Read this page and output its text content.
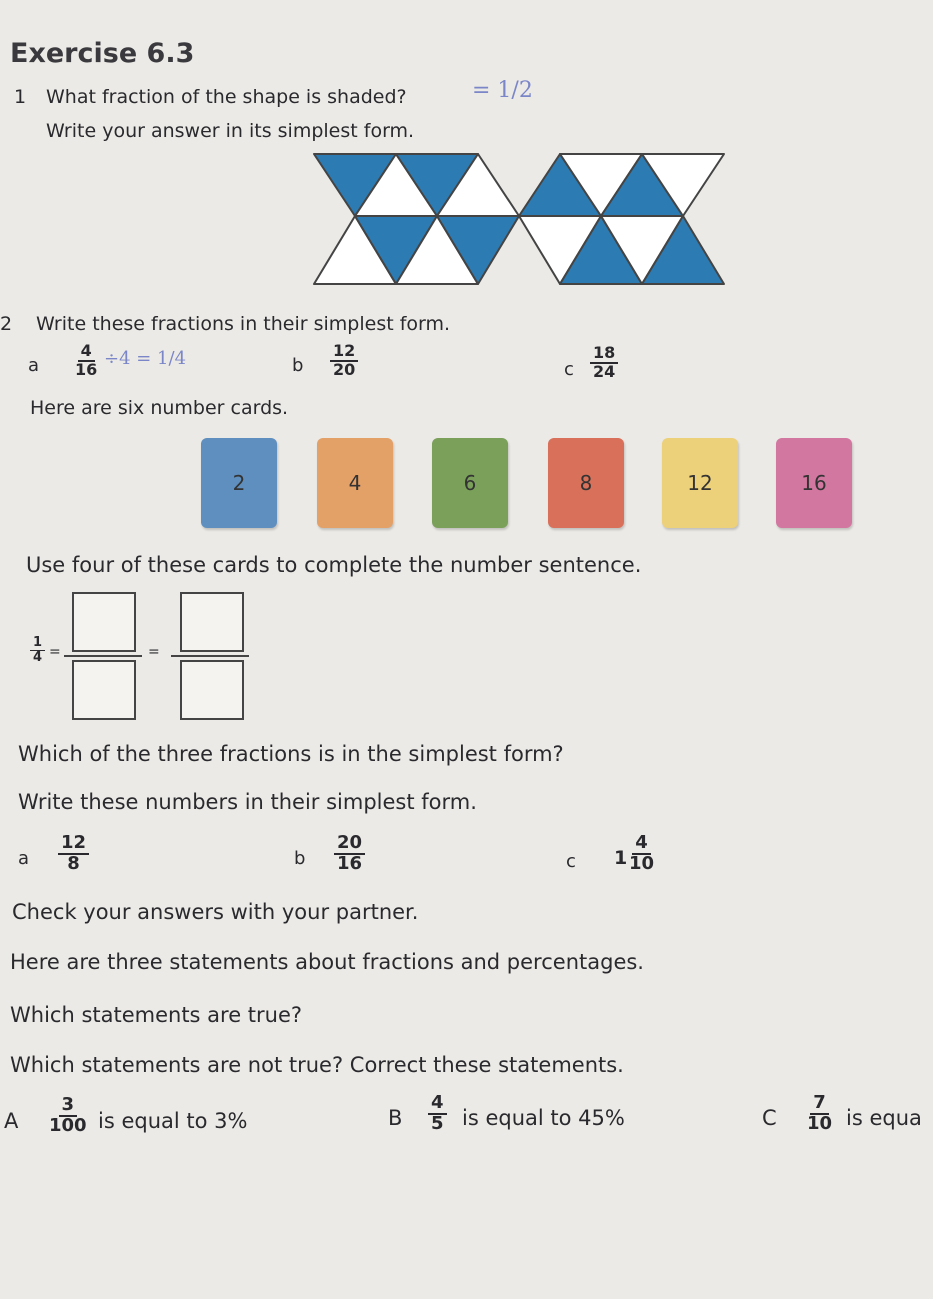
Exercise 6.3
1 What fraction of the shape is shaded?	= 1/2
Write your answer in its simplest form.
2 Write these fractions in their simplest form.
a $\frac{4}{16} \div 4 = 1/4$	b $\frac{12}{20}$	c $\frac{18}{24}$
Here are six number cards.
2	4	6	8	12	16
Use four of these cards to complete the number sentence.
$\frac{1}{4}$ =	=
Which of the three fractions is in the simplest form?
Write these numbers in their simplest form.
a $\frac{12}{8}$	b $\frac{20}{16}$	c 1
$\frac{4}{10}$
Check your answers with your partner.
Here are three statements about fractions and percentages.
Which statements are true?
Which statements are not true? Correct these statements.
A $\frac{3}{100}$ is equal to 3%	B $\frac{4}{5}$ is equal to 45%	C $\frac{7}{10}$ is equa
